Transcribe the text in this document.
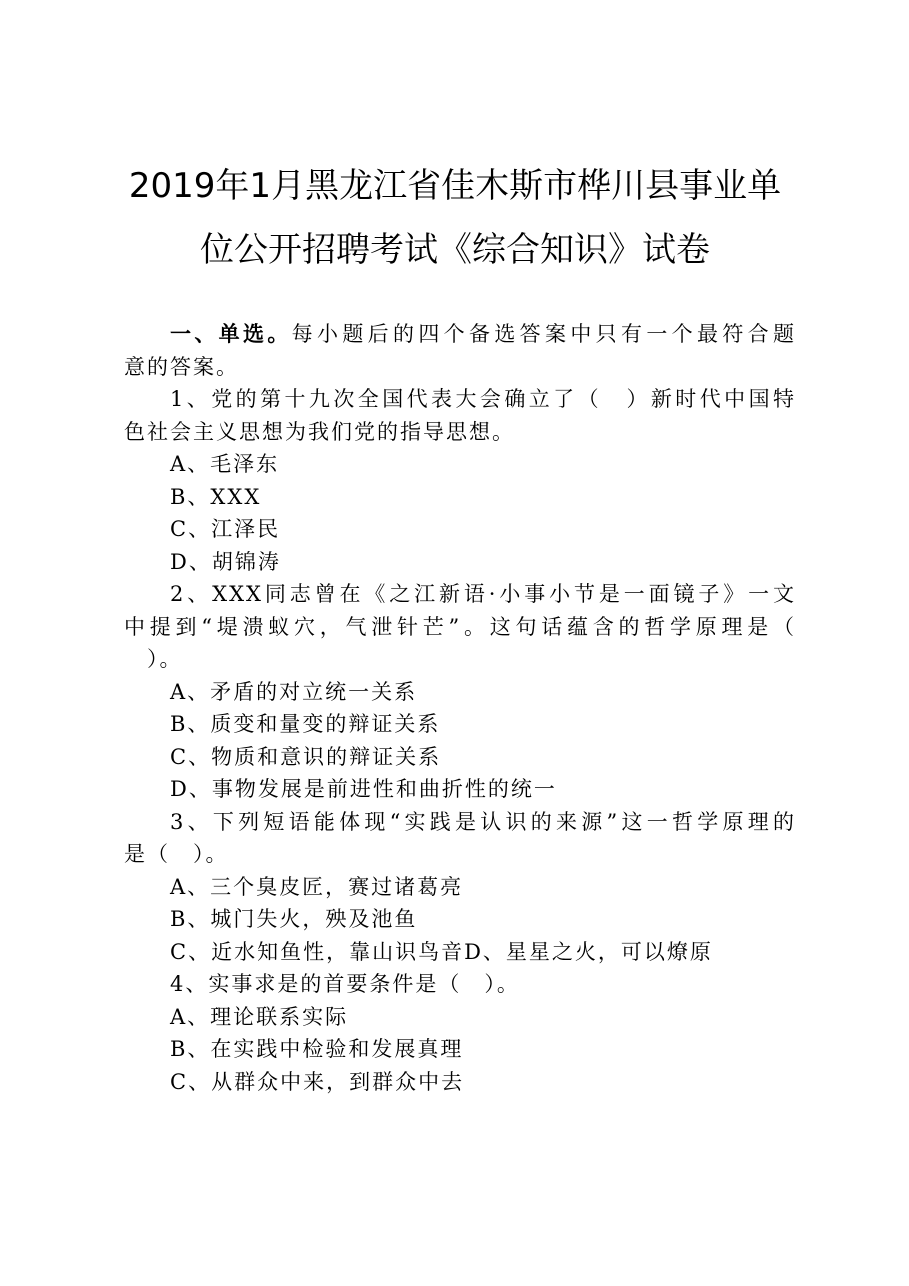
2019年1月黑龙江省佳木斯市桦川县事业单
位公开招聘考试《综合知识》试卷
一、单选。每小题后的四个备选答案中只有一个最符合题
意的答案。
1、党的第十九次全国代表大会确立了（　）新时代中国特
色社会主义思想为我们党的指导思想。
A、毛泽东
B、XXX
C、江泽民
D、胡锦涛
2、XXX同志曾在《之江新语·小事小节是一面镜子》一文
中提到“堤溃蚁穴，气泄针芒”。这句话蕴含的哲学原理是（
　）。
A、矛盾的对立统一关系
B、质变和量变的辩证关系
C、物质和意识的辩证关系
D、事物发展是前进性和曲折性的统一
3、下列短语能体现“实践是认识的来源”这一哲学原理的
是（　）。
A、三个臭皮匠，赛过诸葛亮
B、城门失火，殃及池鱼
C、近水知鱼性，靠山识鸟音D、星星之火，可以燎原
4、实事求是的首要条件是（　）。
A、理论联系实际
B、在实践中检验和发展真理
C、从群众中来，到群众中去
